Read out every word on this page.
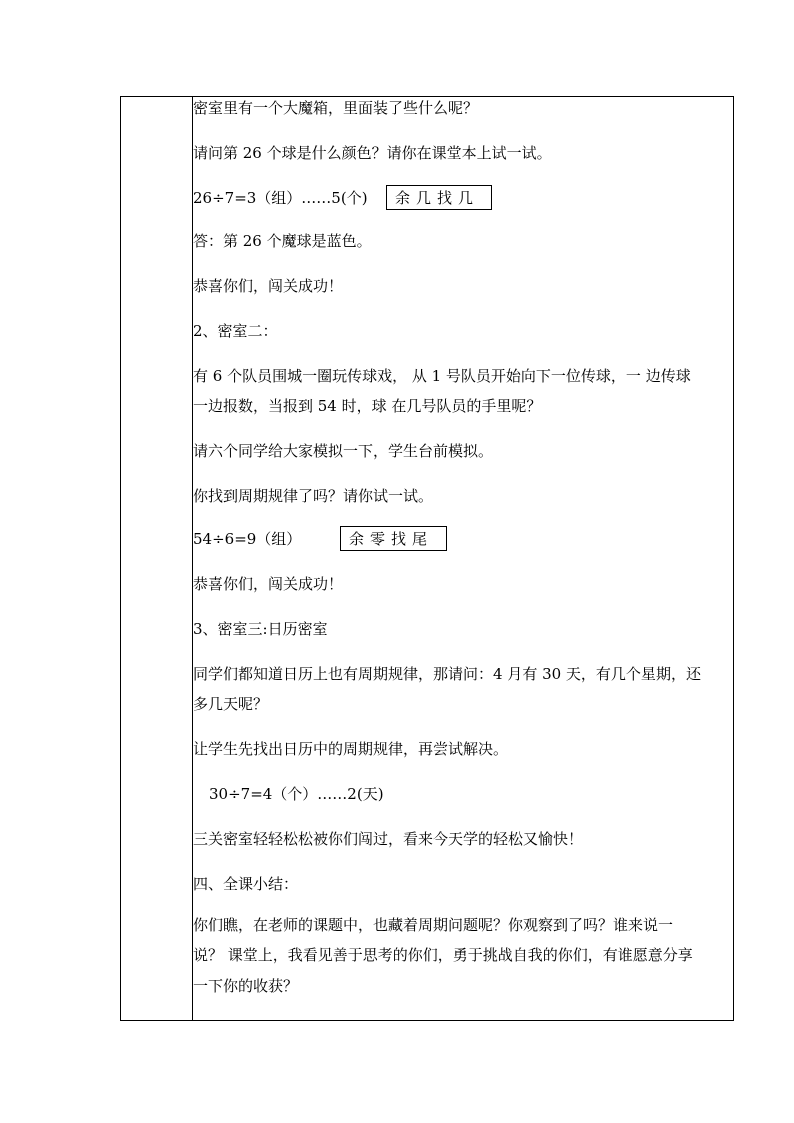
密室里有一个大魔箱，里面装了些什么呢？
请问第 26 个球是什么颜色？请你在课堂本上试一试。
26÷7=3（组）……5(个)	余几找几
答：第 26 个魔球是蓝色。
恭喜你们，闯关成功！
2、密室二：
有 6 个队员围城一圈玩传球戏， 从 1 号队员开始向下一位传球，一 边传球
一边报数，当报到 54 时，球 在几号队员的手里呢？
请六个同学给大家模拟一下，学生台前模拟。
你找到周期规律了吗？请你试一试。
54÷6=9（组）	余零找尾
恭喜你们，闯关成功！
3、密室三:日历密室
同学们都知道日历上也有周期规律，那请问：4 月有 30 天，有几个星期，还
多几天呢？
让学生先找出日历中的周期规律，再尝试解决。
30÷7=4（个）……2(天)
三关密室轻轻松松被你们闯过，看来今天学的轻松又愉快！
四、全课小结：
你们瞧，在老师的课题中，也藏着周期问题呢？你观察到了吗？谁来说一
说？ 课堂上，我看见善于思考的你们，勇于挑战自我的你们，有谁愿意分享
一下你的收获？
